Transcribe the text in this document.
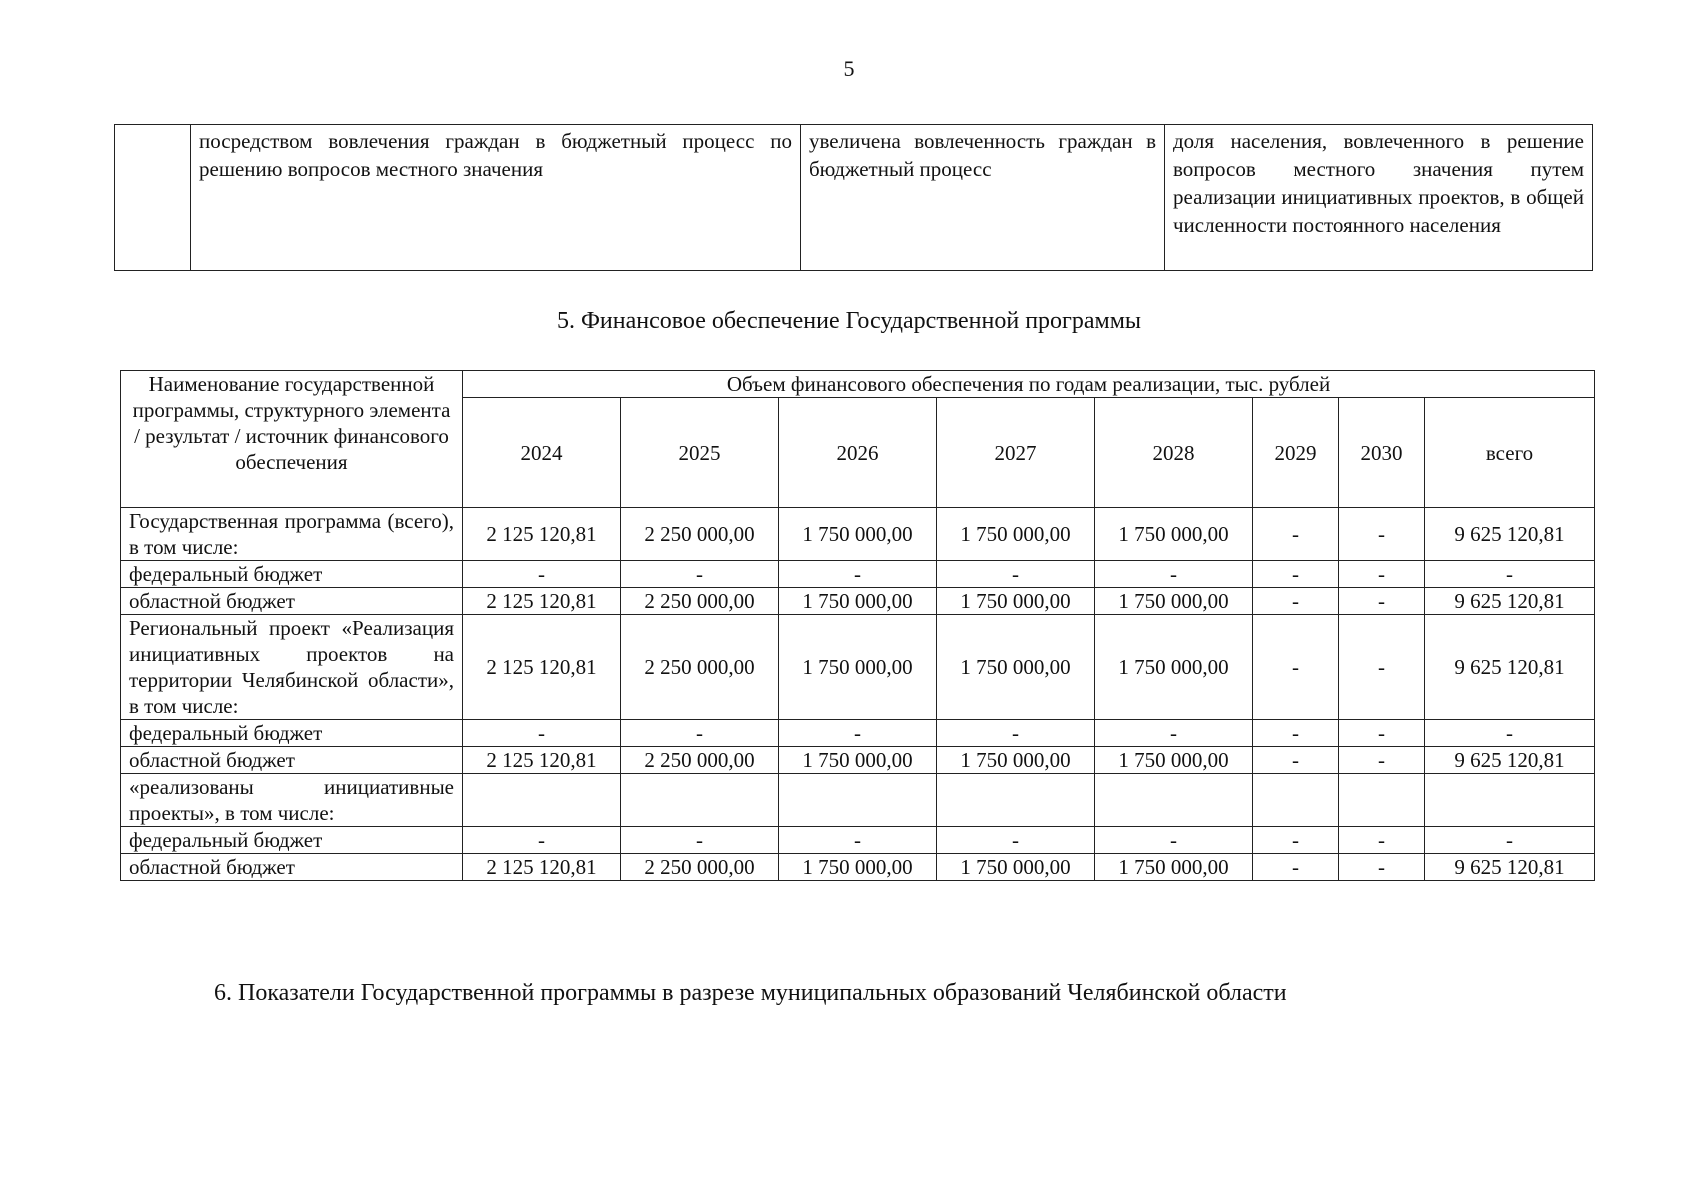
5
	посредством вовлечения граждан в бюджетный процесс по решению вопросов местного значения	увеличена вовлеченность граждан в бюджетный процесс	доля населения, вовлеченного в решение вопросов местного значения путем реализации инициативных проектов, в общей численности постоянного населения
5. Финансовое обеспечение Государственной программы
Наименование государственной программы, структурного элемента / результат / источник финансового обеспечения	Объем финансового обеспечения по годам реализации, тыс. рублей							
	2024	2025	2026	2027	2028	2029	2030	всего
Государственная программа (всего), в том числе:	2 125 120,81	2 250 000,00	1 750 000,00	1 750 000,00	1 750 000,00	-	-	9 625 120,81
федеральный бюджет	-	-	-	-	-	-	-	-
областной бюджет	2 125 120,81	2 250 000,00	1 750 000,00	1 750 000,00	1 750 000,00	-	-	9 625 120,81
Региональный проект «Реализация инициативных проектов на территории Челябинской области», в том числе:	2 125 120,81	2 250 000,00	1 750 000,00	1 750 000,00	1 750 000,00	-	-	9 625 120,81
федеральный бюджет	-	-	-	-	-	-	-	-
областной бюджет	2 125 120,81	2 250 000,00	1 750 000,00	1 750 000,00	1 750 000,00	-	-	9 625 120,81
«реализованы инициативные проекты», в том числе:								
федеральный бюджет	-	-	-	-	-	-	-	-
областной бюджет	2 125 120,81	2 250 000,00	1 750 000,00	1 750 000,00	1 750 000,00	-	-	9 625 120,81
6. Показатели Государственной программы в разрезе муниципальных образований Челябинской области
